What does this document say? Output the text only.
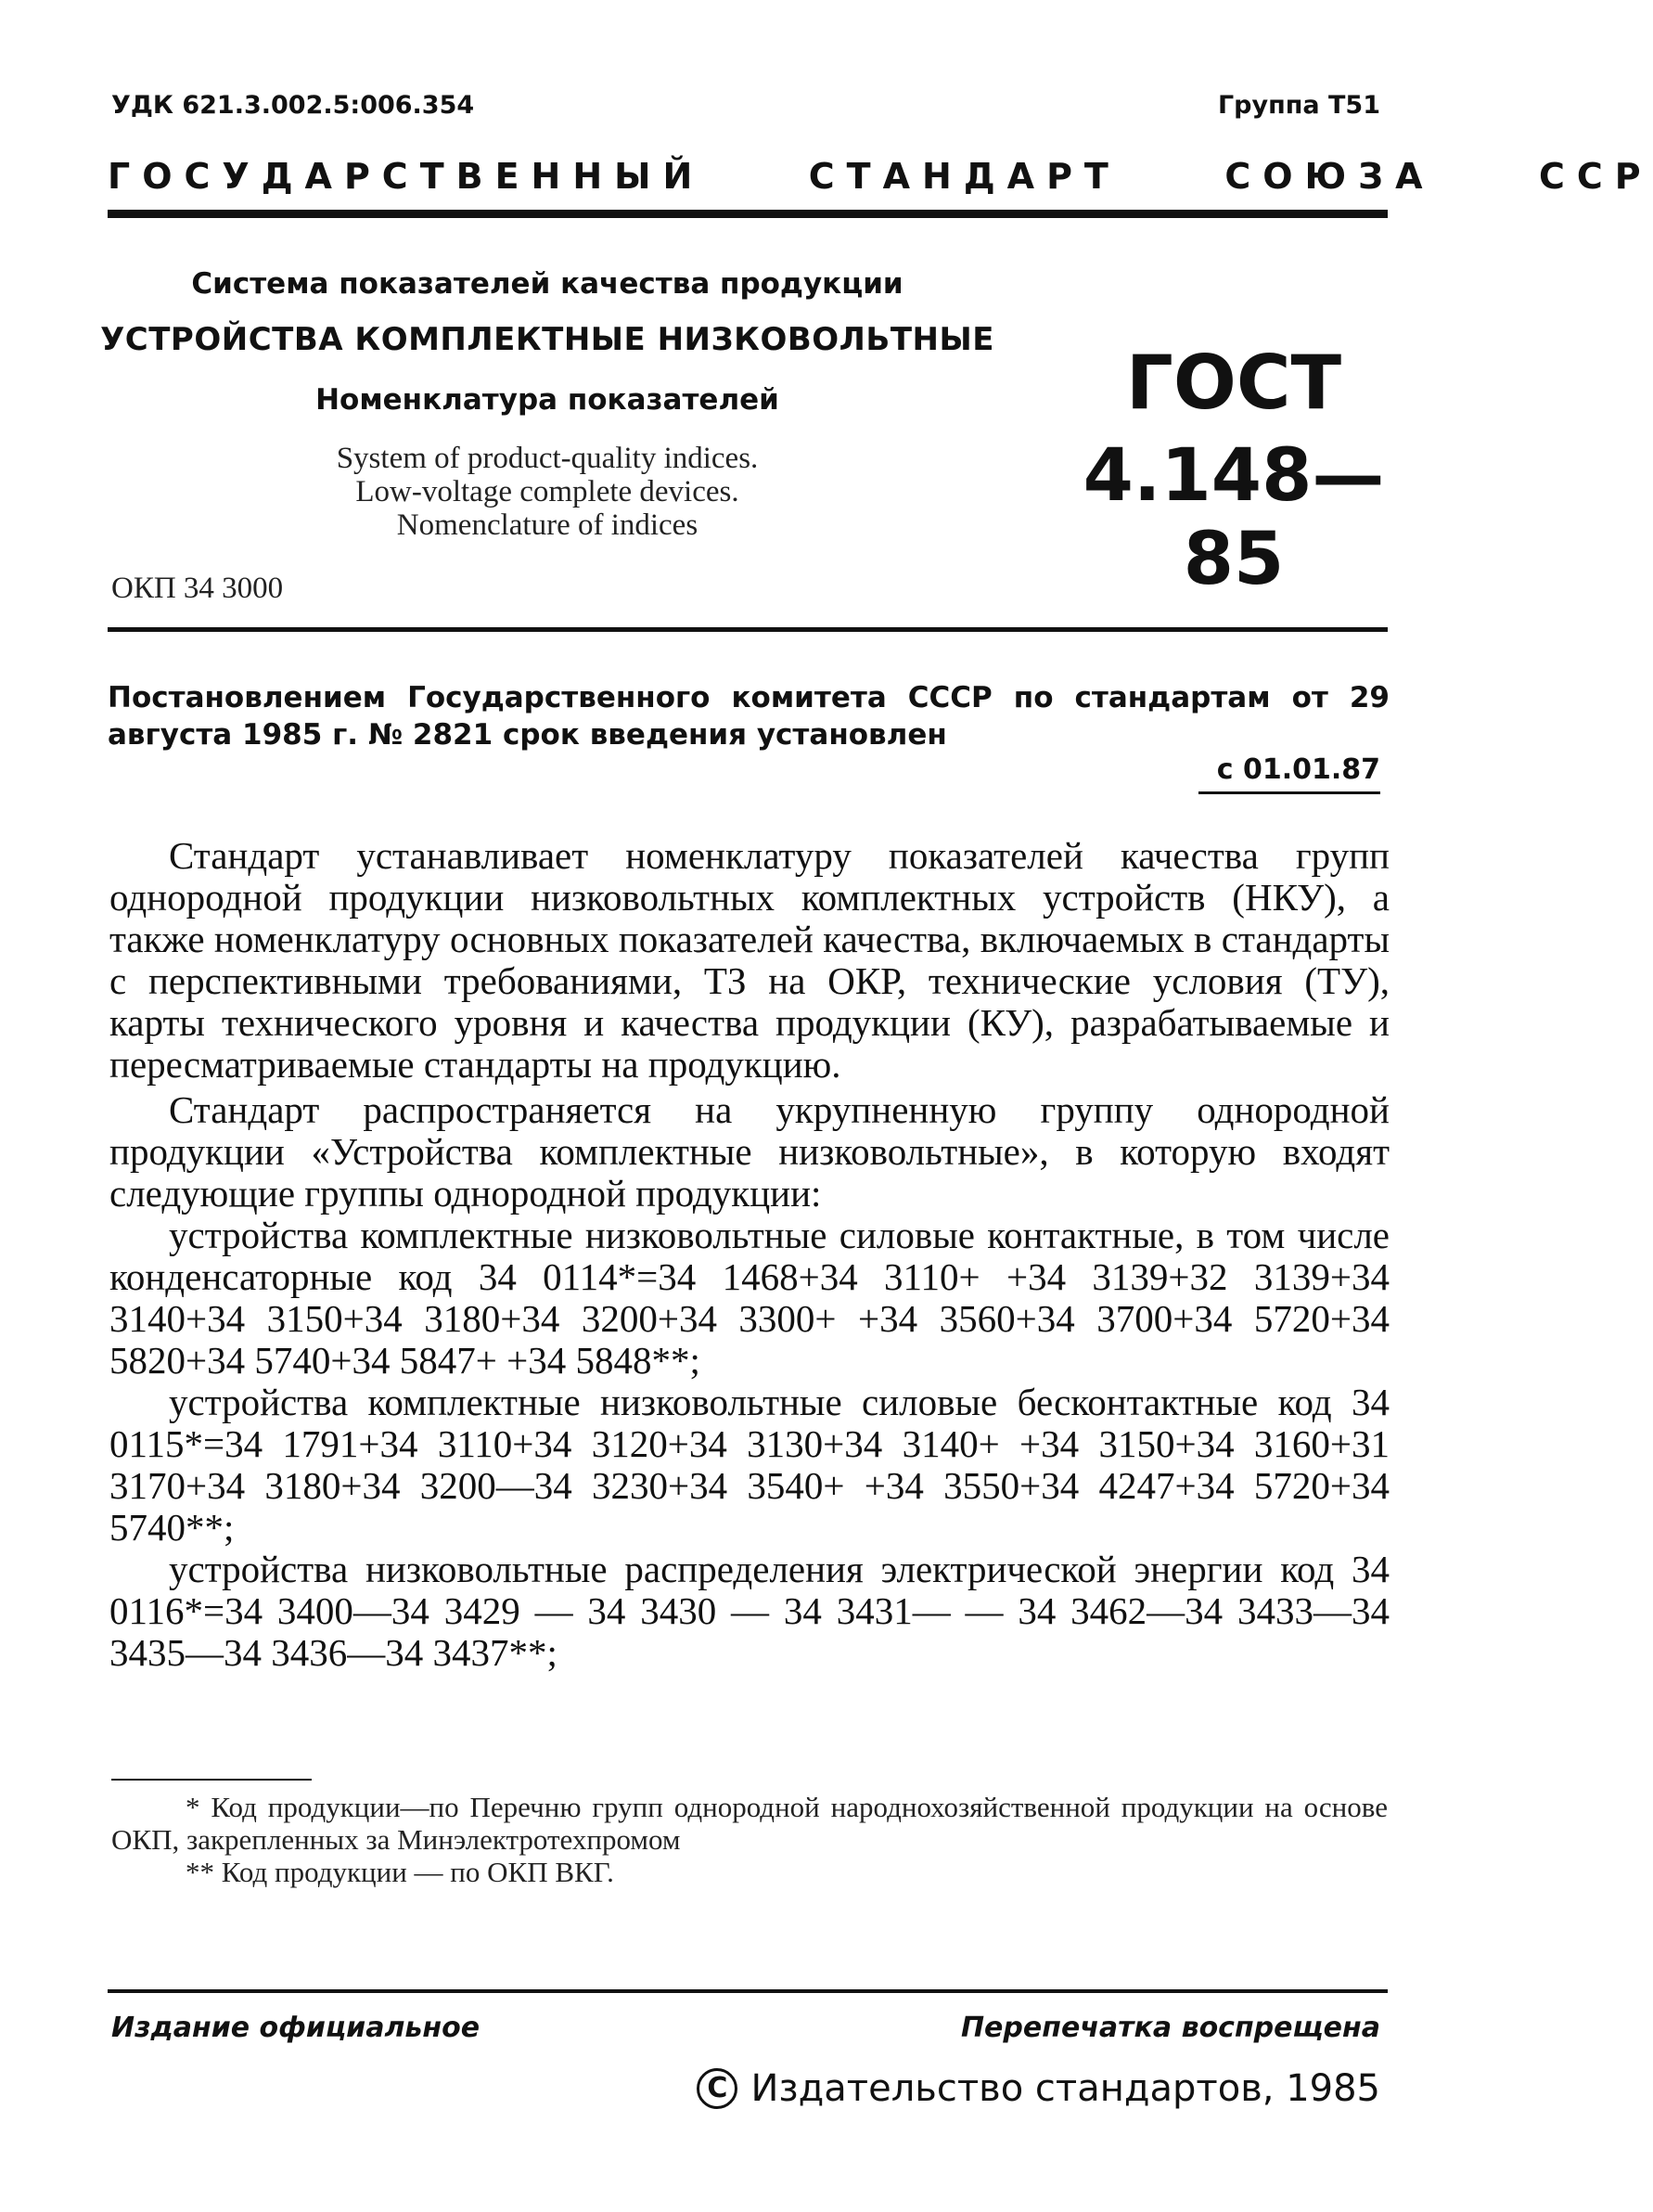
УДК 621.3.002.5:006.354	Группа Т51
ГОСУДАРСТВЕННЫЙ	СТАНДАРТ	СОЮЗА	ССР
Система показателей качества продукции
УСТРОЙСТВА КОМПЛЕКТНЫЕ НИЗКОВОЛЬТНЫЕ
Номенклатура показателей
System of product-quality indices.
Low-voltage complete devices.
Nomenclature of indices
ГОСТ
4.148—85
ОКП 34 3000
Постановлением Государственного комитета СССР по стандартам от 29 августа 1985 г. № 2821 срок введения установлен
с 01.01.87

Стандарт устанавливает номенклатуру показателей качества групп однородной продукции низковольтных комплектных устройств (НКУ), а также номенклатуру основных показателей качества, включаемых в стандарты с перспективными требованиями, ТЗ на ОКР, технические условия (ТУ), карты технического уровня и качества продукции (КУ), разрабатываемые и пересматриваемые стандарты на продукцию.

Стандарт распространяется на укрупненную группу однородной продукции «Устройства комплектные низковольтные», в которую входят следующие группы однородной продукции:

устройства комплектные низковольтные силовые контактные, в том числе конденсаторные код 34 0114*=34 1468+34 3110+ +34 3139+32 3139+34 3140+34 3150+34 3180+34 3200+34 3300+ +34 3560+34 3700+34 5720+34 5820+34 5740+34 5847+ +34 5848**;

устройства комплектные низковольтные силовые бесконтактные код 34 0115*=34 1791+34 3110+34 3120+34 3130+34 3140+ +34 3150+34 3160+31 3170+34 3180+34 3200—34 3230+34 3540+ +34 3550+34 4247+34 5720+34 5740**;

устройства низковольтные распределения электрической энергии код 34 0116*=34 3400—34 3429 — 34 3430 — 34 3431— — 34 3462—34 3433—34 3435—34 3436—34 3437**;

* Код продукции—по Перечню групп однородной народнохозяйственной продукции на основе ОКП, закрепленных за Минэлектротехпромом

** Код продукции — по ОКП ВКГ.

Издание официальное	Перепечатка воспрещена
C Издательство стандартов, 1985
